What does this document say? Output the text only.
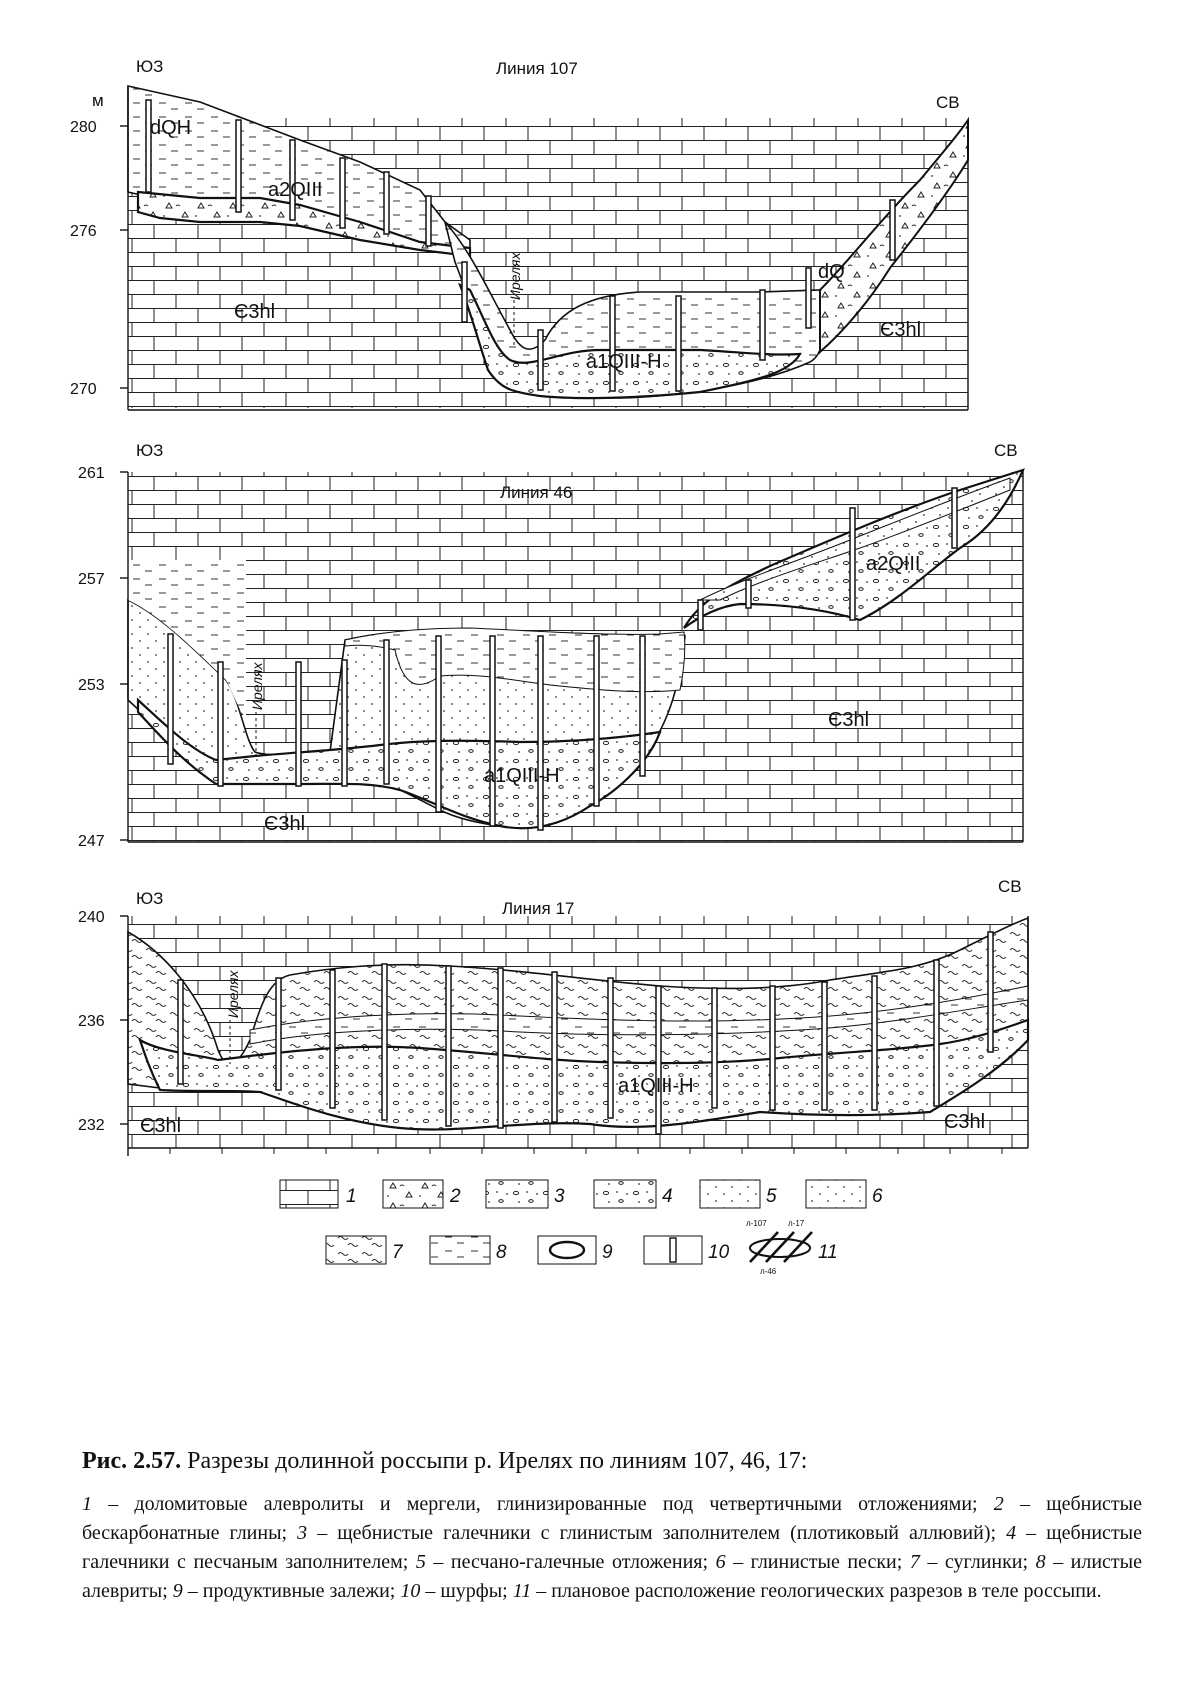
280
276
270
м
ЮЗ
СВ
Линия 107
dQH
a2QIII
a1QIII-H
dQ
Є3hl
Є3hl
Ирелях
261
257
253
247
ЮЗ	СВ
Линия 46
a2QIII
a1QIII-H
Є3hl
Є3hl
Ирелях
240
236
232
ЮЗ
СВ
Линия 17
a1QIII-H
Є3hl	Є3hl
Ирелях
1	2	3	4	5	6
7	8	9	10
л-107	л-17
л-46
11

Рис. 2.57. Разрезы долинной россыпи р. Ирелях по линиям 107, 46, 17:

1 – доломитовые алевролиты и мергели, глинизированные под четвертичными отложениями; 2 – щебнистые бескарбонатные глины; 3 – щебнистые галечники с глинистым заполнителем (плотиковый аллювий); 4 – щебнистые галечники с песчаным заполнителем; 5 – песчано-галечные отложения; 6 – глинистые пески; 7 – суглинки; 8 – илистые алевриты; 9 – продуктивные залежи; 10 – шурфы; 11 – плановое расположение геологических разрезов в теле россыпи.
